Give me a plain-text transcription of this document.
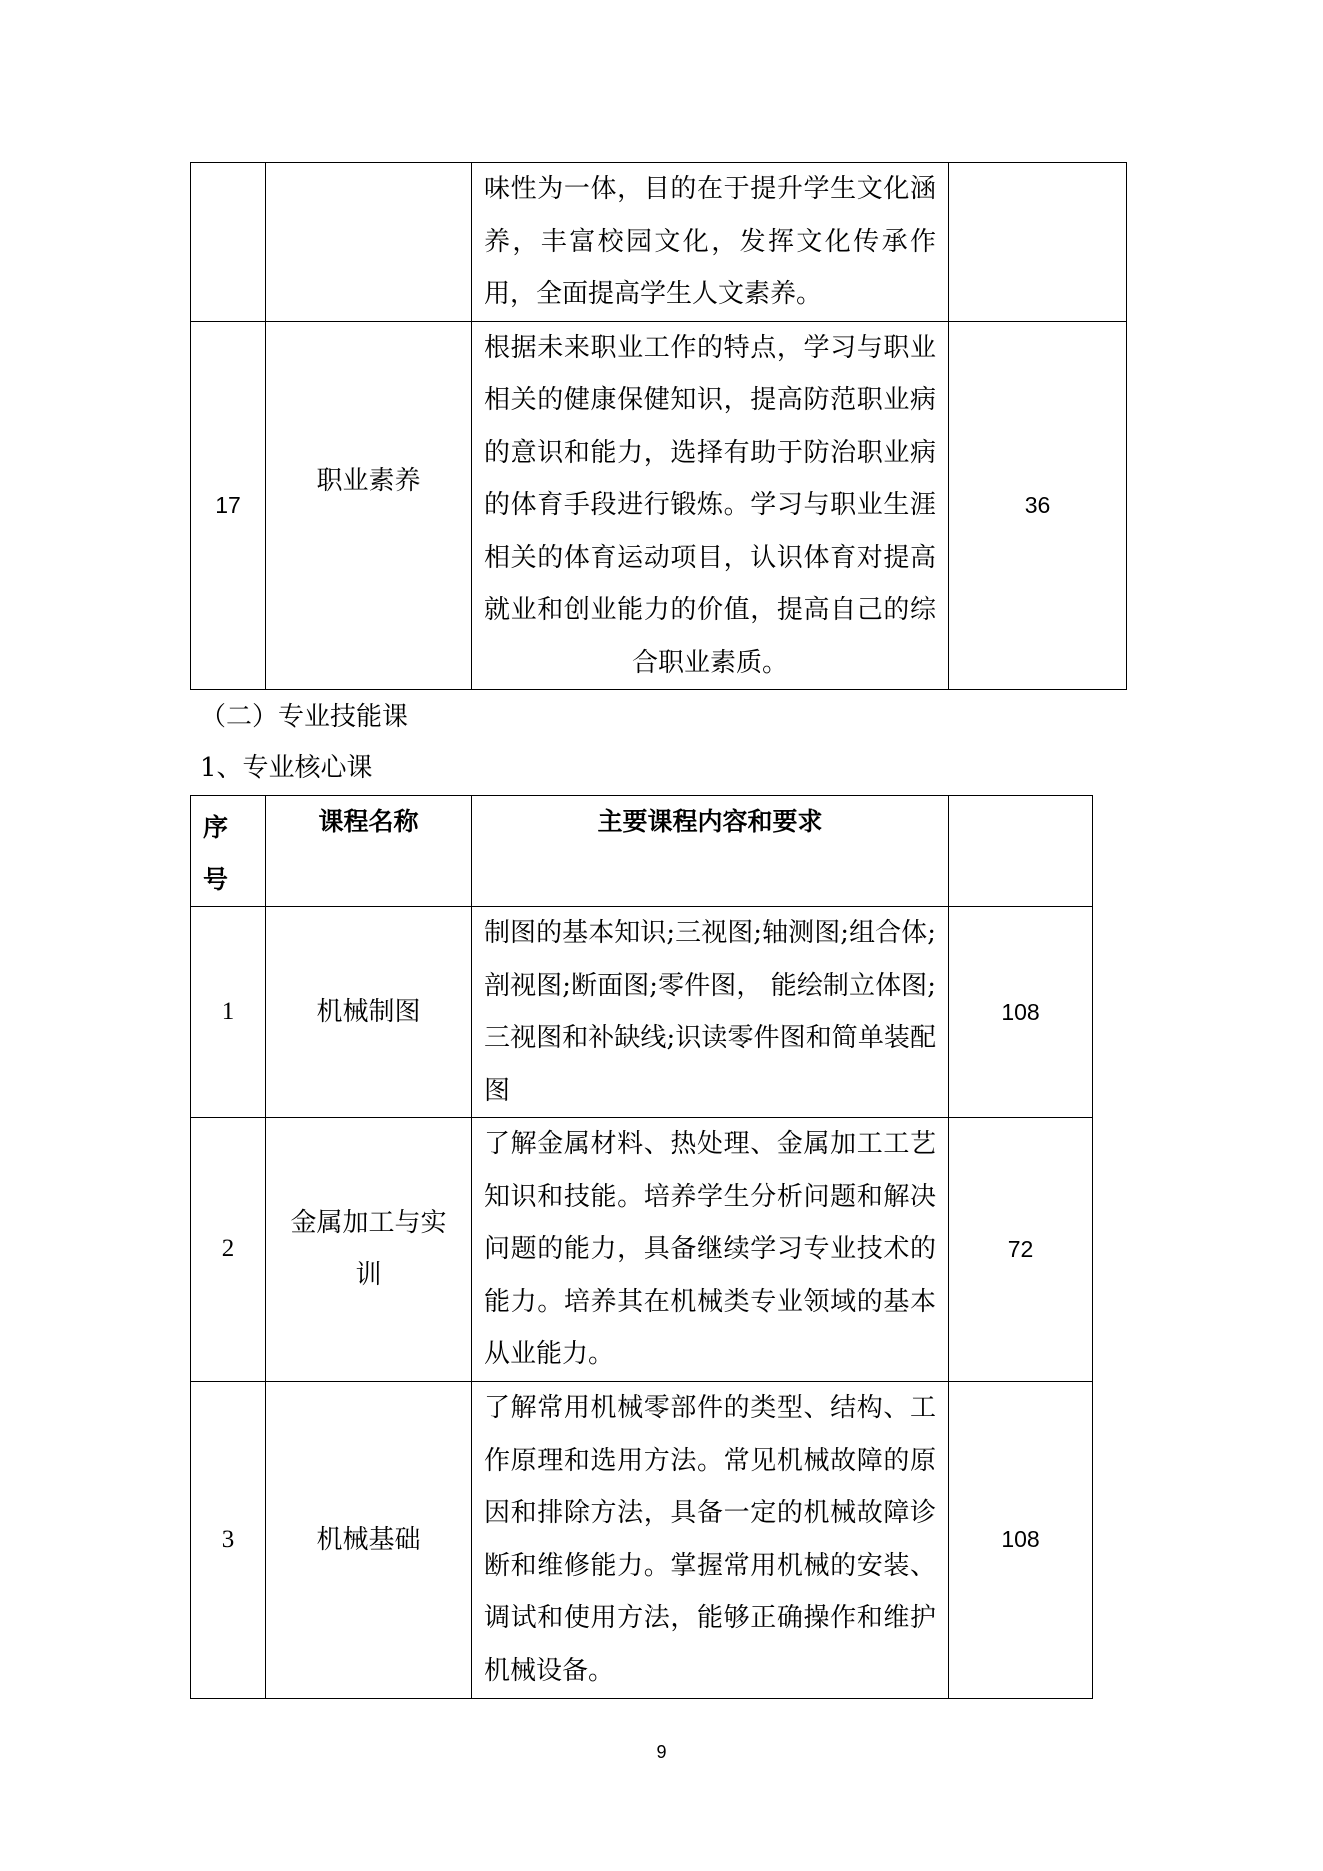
		味性为一体，目的在于提升学生文化涵养，丰富校园文化，发挥文化传承作用，全面提高学生人文素养。	
17	职业素养	根据未来职业工作的特点，学习与职业相关的健康保健知识，提高防范职业病的意识和能力，选择有助于防治职业病的体育手段进行锻炼。学习与职业生涯相关的体育运动项目，认识体育对提高就业和创业能力的价值，提高自己的综合职业素质。	36
（二）专业技能课
1、专业核心课
序号	课程名称	主要课程内容和要求	
1	机械制图	制图的基本知识;三视图;轴测图;组合体;剖视图;断面图;零件图， 能绘制立体图;三视图和补缺线;识读零件图和简单装配图	108
2	金属加工与实训	了解金属材料、热处理、金属加工工艺知识和技能。培养学生分析问题和解决问题的能力，具备继续学习专业技术的能力。培养其在机械类专业领域的基本从业能力。	72
3	机械基础	了解常用机械零部件的类型、结构、工作原理和选用方法。常见机械故障的原因和排除方法，具备一定的机械故障诊断和维修能力。掌握常用机械的安装、调试和使用方法，能够正确操作和维护机械设备。	108
9
